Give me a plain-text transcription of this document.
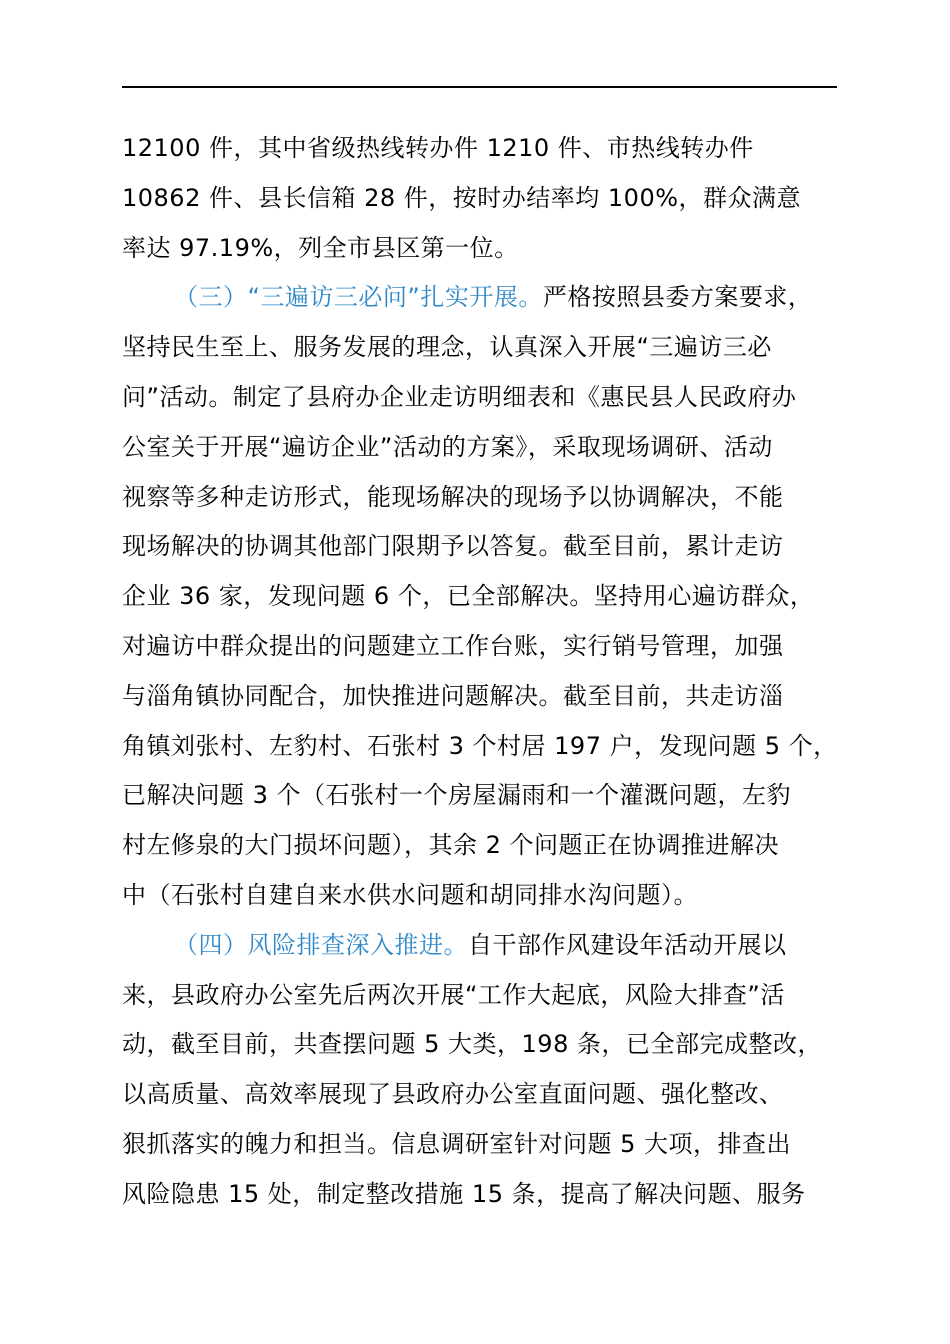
12100 件，其中省级热线转办件 1210 件、市热线转办件
10862 件、县长信箱 28 件，按时办结率均 100%，群众满意
率达 97.19%，列全市县区第一位。
（三）“三遍访三必问”扎实开展。严格按照县委方案要求，
坚持民生至上、服务发展的理念，认真深入开展“三遍访三必
问”活动。制定了县府办企业走访明细表和《惠民县人民政府办
公室关于开展“遍访企业”活动的方案》，采取现场调研、活动
视察等多种走访形式，能现场解决的现场予以协调解决，不能
现场解决的协调其他部门限期予以答复。截至目前，累计走访
企业 36 家，发现问题 6 个，已全部解决。坚持用心遍访群众，
对遍访中群众提出的问题建立工作台账，实行销号管理，加强
与淄角镇协同配合，加快推进问题解决。截至目前，共走访淄
角镇刘张村、左豹村、石张村 3 个村居 197 户，发现问题 5 个，
已解决问题 3 个（石张村一个房屋漏雨和一个灌溉问题，左豹
村左修泉的大门损坏问题），其余 2 个问题正在协调推进解决
中（石张村自建自来水供水问题和胡同排水沟问题）。
（四）风险排查深入推进。自干部作风建设年活动开展以
来，县政府办公室先后两次开展“工作大起底，风险大排查”活
动，截至目前，共查摆问题 5 大类，198 条，已全部完成整改，
以高质量、高效率展现了县政府办公室直面问题、强化整改、
狠抓落实的魄力和担当。信息调研室针对问题 5 大项，排查出
风险隐患 15 处，制定整改措施 15 条，提高了解决问题、服务
